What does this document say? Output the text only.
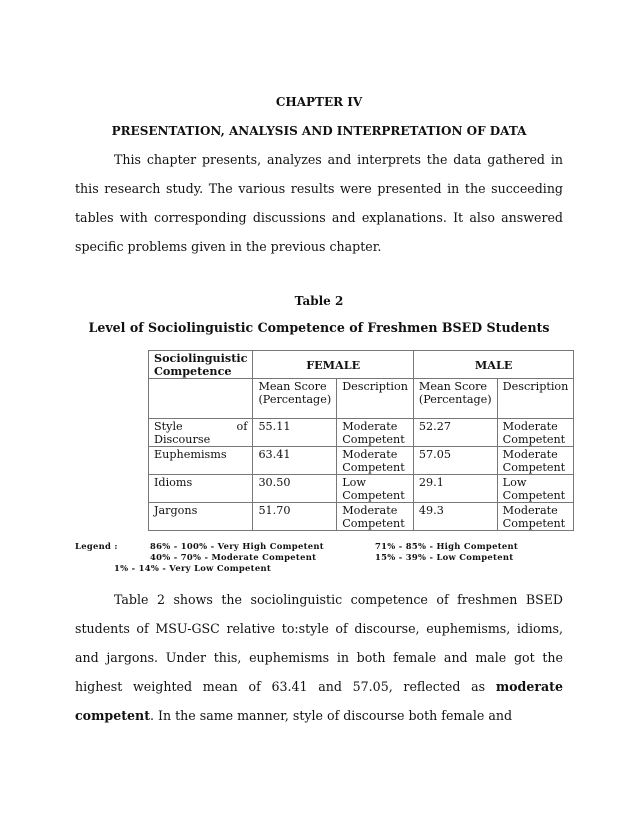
CHAPTER IV
PRESENTATION, ANALYSIS AND INTERPRETATION OF DATA
This chapter presents, analyzes and interprets the data gathered in this research study. The various results were presented in the succeeding tables with corresponding discussions and explanations. It also answered specific problems given in the previous chapter.
Table 2
Level of Sociolinguistic Competence of Freshmen BSED Students
Sociolinguistic Competence	FEMALE		MALE	
	Mean Score (Percentage)	Description	Mean Score (Percentage)	Description

Style of
Discourse	55.11	Moderate Competent	52.27	Moderate Competent
Euphemisms	63.41	Moderate Competent	57.05	Moderate Competent
Idioms	30.50	Low Competent	29.1	Low Competent
Jargons	51.70	Moderate Competent	49.3	Moderate Competent
Legend :	86% - 100% - Very High Competent	71% - 85% - High Competent
40% - 70% - Moderate Competent	15% - 39% - Low Competent
1% - 14% - Very Low Competent
Table 2 shows the sociolinguistic competence of freshmen BSED students of MSU-GSC relative to:style of discourse, euphemisms, idioms, and jargons. Under this, euphemisms in both female and male got the highest weighted mean of 63.41 and 57.05, reflected as moderate competent. In the same manner, style of discourse both female and
